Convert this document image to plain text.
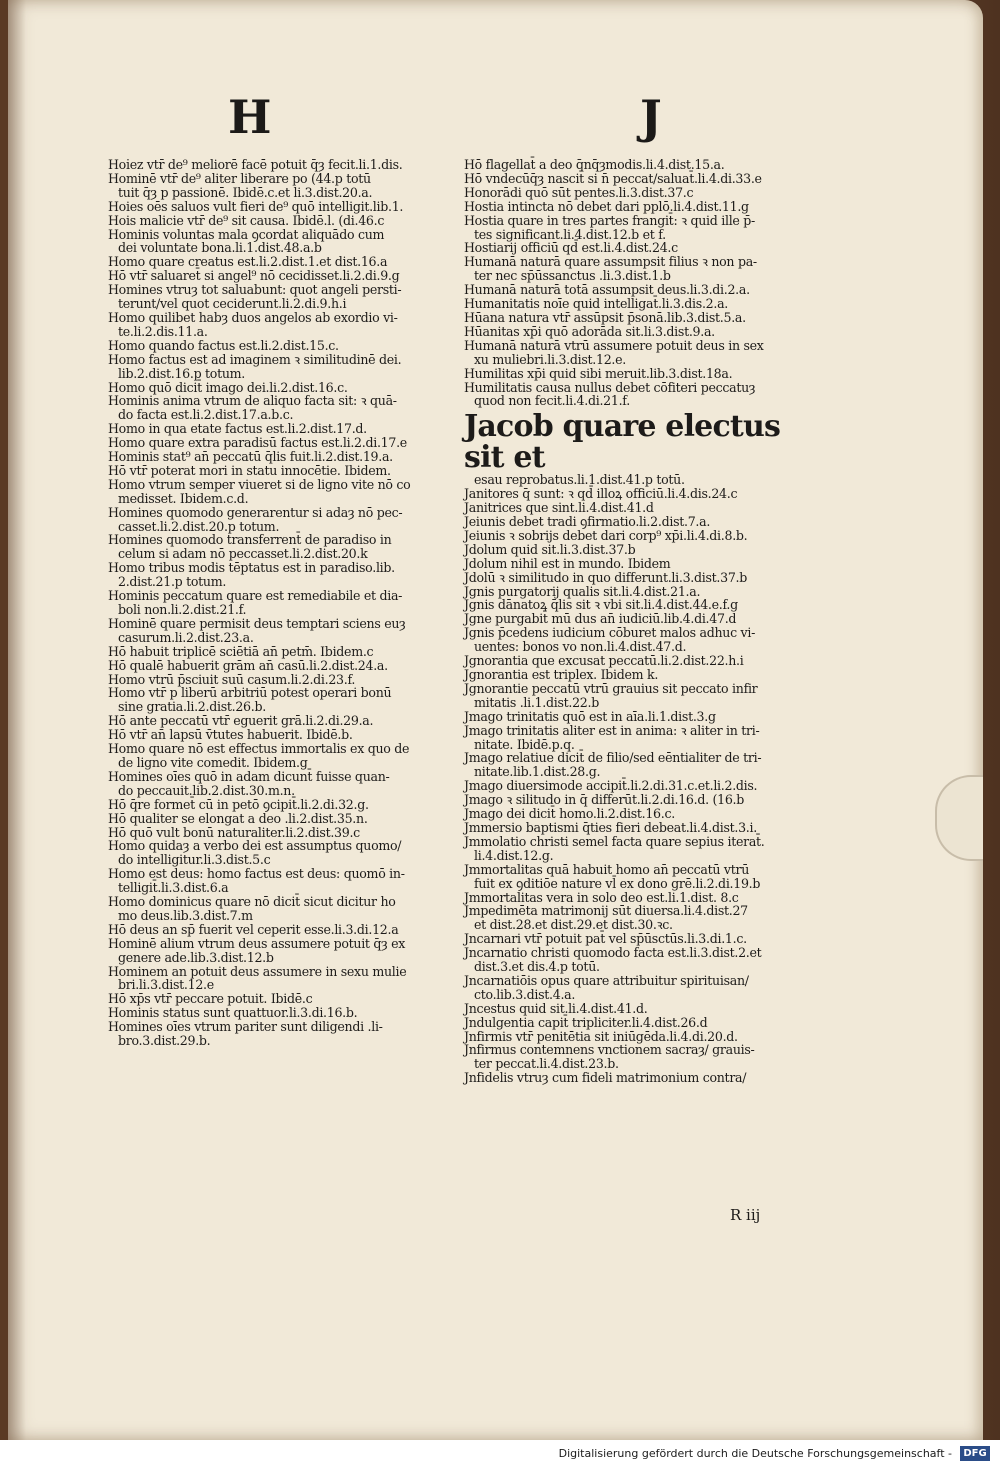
H	J
Hoi̇ez vtr̄ de⁹ meliorē facē potuit q̄ȝ fecit.li.1.dis.
Hominē vtr̄ de⁹ aliter liberare po (44.p totū
tuit q̄ȝ p passionē. Ibidē.c.et li.3.dist.20.a.
Hoies oēs saluos vult fieri de⁹ quō intelligit.lib.1.
Hois malicie vtr̄ de⁹ sit causa. Ibidē.l. (di.46.c
Hominis voluntas mala ꝯcordat aliquādo cum
dei voluntate bona.li.1.dist.48.a.b
Homo quare creatus est.li.2.dist.1.et dist.16.a
Hō vtr̄ saluaret̄ si angel⁹ nō cecidisset.li.2.di.9.g
Homines vtruȝ tot saluabunt: quot angeli persti-
terunt/vel quot ceciderunt.li.2.di.9.h.i
Homo quilibet habȝ duos angelos ab exordio vi-
te.li.2.dis.11.a.
Homo quando factus est.li.2.dist.15.c.
Homo factus est ad imaginem ꝛ similitudinē dei.
lib.2.dist.16.p totum.
Homo quō dicit̄ imago dei.li.2.dist.16.c.
Hominis anima vtrum de aliquo facta sit: ꝛ quā-
do facta est.li.2.dist.17.a.b.c.
Homo in qua etate factus est.li.2.dist.17.d.
Homo quare extra paradisū factus est.li.2.di.17.e
Hominis stat⁹ an̄ peccatū q̄lis fuit.li.2.dist.19.a.
Hō vtr̄ poterat mori in statu innocētie. Ibidem.
Homo vtrum semper viueret si de ligno vite nō co
medisset. Ibidem.c.d.
Homines quomodo generarentur si adaȝ nō pec-
casset.li.2.dist.20.p totum.
Homines quomodo transferrent̄ de paradiso in
celum si adam nō peccasset.li.2.dist.20.k
Homo tribus modis tēptatus est in paradiso.lib.
2.dist.21.p totum.
Hominis peccatum quare est remediabile et dia-
boli non.li.2.dist.21.f.
Hominē quare permisit deus temptari sciens euȝ
casurum.li.2.dist.23.a.
Hō habuit triplicē sciētiā an̄ petm̄. Ibidem.c
Hō qualē habuerit grām an̄ casū.li.2.dist.24.a.
Homo vtrū p̄sciuit suū casum.li.2.di.23.f.
Homo vtr̄ p liberū arbitriū potest operari bonū
sine gratia.li.2.dist.26.b.
Hō ante peccatū vtr̄ eguerit grā.li.2.di.29.a.
Hō vtr̄ an̄ lapsū v̄tutes habuerit. Ibidē.b.
Homo quare nō est effectus immortalis ex quo de
de ligno vite comedit. Ibidem.g
Homines oīes quō in adam dicunt̄ fuisse quan-
do peccauit.lib.2.dist.30.m.n.
Hō q̄re formet̄ cū in petō ꝯcipit̄.li.2.di.32.g.
Hō qualiter se elongat a deo .li.2.dist.35.n.
Hō quō vult bonū naturaliter.li.2.dist.39.c
Homo quidaȝ a verbo dei est assumptus quomo/
do intelligitur.li.3.dist.5.c
Homo est deus: homo factus est deus: quomō in-
telligit̄.li.3.dist.6.a
Homo dominicus quare nō dicit̄ sicut dicitur ho
mo deus.lib.3.dist.7.m
Hō deus an sp̄ fuerit vel ceperit esse.li.3.di.12.a
Hominē alium vtrum deus assumere potuit q̄ȝ ex
genere ade.lib.3.dist.12.b
Hominem an potuit deus assumere in sexu mulie
bri.li.3.dist.12.e
Hō xp̄s vtr̄ peccare potuit. Ibidē.c
Hominis status sunt quattuor.li.3.di.16.b.
Homines oīes vtrum pariter sunt diligendi .li-
bro.3.dist.29.b.
Hō flagellat̄ a deo q̄nq̄ȝmodis.li.4.dist.15.a.
Hō vndecūq̄ȝ nascit̄ si n̄ peccat/saluat̄.li.4.di.33.e
Honorādi quō sūt pentes.li.3.dist.37.c
Hostia intincta nō debet dari pplō.li.4.dist.11.g
Hostia quare in tres partes frangit̄: ꝛ quid ille p̄-
tes significant.li.4.dist.12.b et f.
Hostiarij officiū qd̄ est.li.4.dist.24.c
Humanā naturā quare assumpsit filius ꝛ non pa-
ter nec sp̄ūssanctus .li.3.dist.1.b
Humanā naturā totā assumpsit deus.li.3.di.2.a.
Humanitatis noīe quid intelligat̄.li.3.dis.2.a.
Hūana natura vtr̄ assūpsit p̄sonā.lib.3.dist.5.a.
Hūanitas xp̄i quō adorāda sit.li.3.dist.9.a.
Humanā naturā vtrū assumere potuit deus in sex
xu muliebri.li.3.dist.12.e.
Humilitas xp̄i quid sibi meruit.lib.3.dist.18a.
Humilitatis causa nullus debet cōfiteri peccatuȝ
quod non fecit.li.4.di.21.f.
Jacob quare electus sit et
esau reprobatus.li.1.dist.41.p totū.
Janitores q̄ sunt: ꝛ qd̄ illoꝝ officiū.li.4.dis.24.c
Janitrices que sint.li.4.dist.41.d
Jeiunis debet tradi ꝯfirmatio.li.2.dist.7.a.
Jeiunis ꝛ sobrijs debet dari corp⁹ xp̄i.li.4.di.8.b.
Jdolum quid sit.li.3.dist.37.b
Jdolum nihil est in mundo. Ibidem
Jdolū ꝛ similitudo in quo differunt.li.3.dist.37.b
Jgnis purgatorij qualis sit.li.4.dist.21.a.
Jgnis dānatoꝝ q̄lis sit ꝛ vbi sit.li.4.dist.44.e.f.g
Jgne purgabit̄ mū dus an̄ iudiciū.lib.4.di.47.d
Jgnis p̄cedens iudicium cōburet malos adhuc vi-
uentes: bonos vo non.li.4.dist.47.d.
Jgnorantia que excusat peccatū.li.2.dist.22.h.i
Jgnorantia est triplex. Ibidem k.
Jgnorantie peccatū vtrū grauius sit peccato infir
mitatis .li.1.dist.22.b
Jmago trinitatis quō est in aīa.li.1.dist.3.g
Jmago trinitatis aliter est in anima: ꝛ aliter in tri-
nitate. Ibidē.p.q.
Jmago relatiue dicit̄ de filio/sed eēntialiter de tri-
nitate.lib.1.dist.28.g.
Jmago diuersimode accipit̄.li.2.di.31.c.et.li.2.dis.
Jmago ꝛ silitudo in q̄ differūt.li.2.di.16.d. (16.b
Jmago dei dicit̄ homo.li.2.dist.16.c.
Jmmersio baptismi q̄ties fieri debeat.li.4.dist.3.i.
Jmmolatio christi semel facta quare sepius iterat̄.
li.4.dist.12.g.
Jmmortalitas quā habuit homo an̄ peccatū vtrū
fuit ex ꝯditiōe nature vl̄ ex dono grē.li.2.di.19.b
Jmmortalitas vera in solo deo est.li.1.dist. 8.c
Jmpedimēta matrimonij sūt diuersa.li.4.dist.27
et dist.28.et dist.29.et dist.30.ꝛc.
Jncarnari vtr̄ potuit pat̄ vel sp̄ūsctūs.li.3.di.1.c.
Jncarnatio christi quomodo facta est.li.3.dist.2.et
dist.3.et dis.4.p totū.
Jncarnatiōis opus quare attribuitur spirituisan/
cto.lib.3.dist.4.a.
Jncestus quid sit.li.4.dist.41.d.
Jndulgentia capit̄ tripliciter.li.4.dist.26.d
Jnfirmis vtr̄ penitētia sit iniūgēda.li.4.di.20.d.
Jnfirmus contemnens vnctionem sacraȝ/ grauis-
ter peccat.li.4.dist.23.b.
Jnfidelis vtruȝ cum fideli matrimonium contra/
R iij
Digitalisierung gefördert durch die Deutsche Forschungsgemeinschaft -	DFG
